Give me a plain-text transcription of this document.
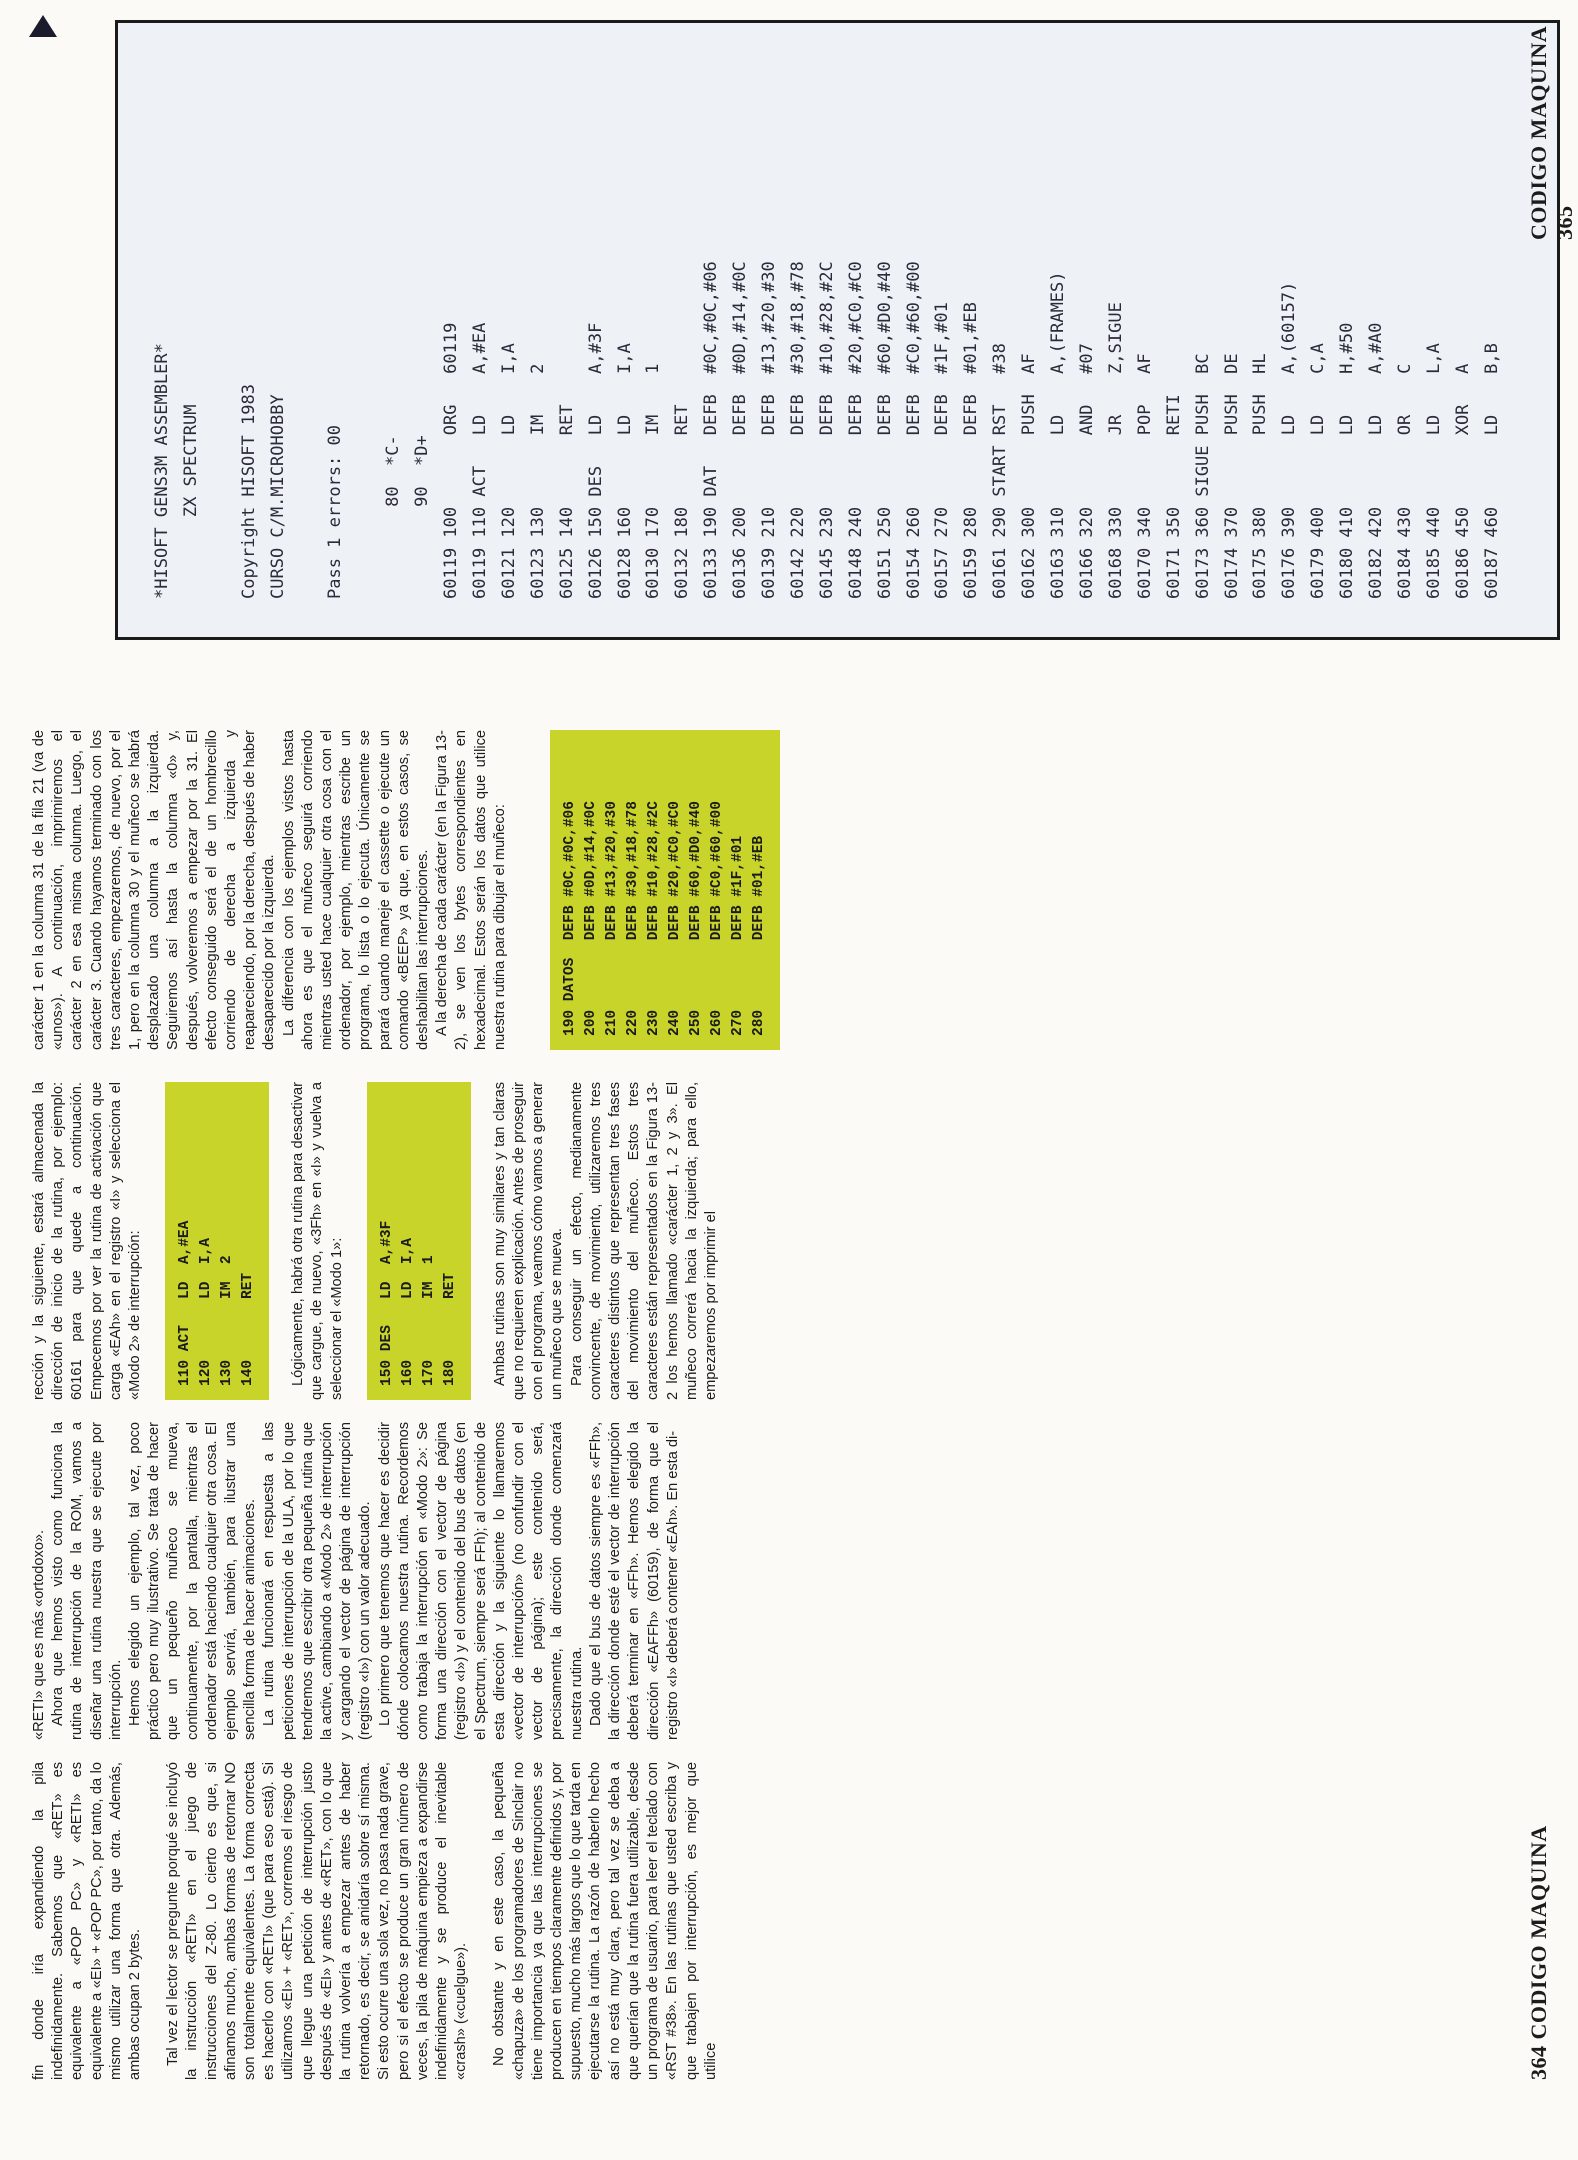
fin donde iría expandiendo la pila indefinidamente. Sabemos que «RET» es equivalente a «POP PC» y «RETI» es equivalente a «EI» + «POP PC», por tanto, da lo mismo utilizar una forma que otra. Además, ambas ocupan 2 bytes. Tal vez el lector se pregunte porqué se incluyó la instrucción «RETI» en el juego de instrucciones del Z-80. Lo cierto es que, si afinamos mucho, ambas formas de retornar NO son totalmente equivalentes. La forma correcta es hacerlo con «RETI» (que para eso está). Si utilizamos «EI» + «RET», corremos el riesgo de que llegue una petición de interrupción justo después de «EI» y antes de «RET», con lo que la rutina volvería a empezar antes de haber retornado, es decir, se anidaría sobre sí misma. Si esto ocurre una sola vez, no pasa nada grave, pero si el efecto se produce un gran número de veces, la pila de máquina empieza a expandirse indefinidamente y se produce el inevitable «crash» («cuelgue»). No obstante y en este caso, la pequeña «chapuza» de los programadores de Sinclair no tiene importancia ya que las interrupciones se producen en tiempos claramente definidos y, por supuesto, mucho más largos que lo que tarda en ejecutarse la rutina. La razón de haberlo hecho así no está muy clara, pero tal vez se deba a que querían que la rutina fuera utilizable, desde un programa de usuario, para leer el teclado con «RST #38». En las rutinas que usted escriba y que trabajen por interrupción, es mejor que utilice

«RETI» que es más «ortodoxo». Ahora que hemos visto como funciona la rutina de interrupción de la ROM, vamos a diseñar una rutina nuestra que se ejecute por interrupción. Hemos elegido un ejemplo, tal vez, poco práctico pero muy ilustrativo. Se trata de hacer que un pequeño muñeco se mueva, continuamente, por la pantalla, mientras el ordenador está haciendo cualquier otra cosa. El ejemplo servirá, también, para ilustrar una sencilla forma de hacer animaciones. La rutina funcionará en respuesta a las peticiones de interrupción de la ULA, por lo que tendremos que escribir otra pequeña rutina que la active, cambiando a «Modo 2» de interrupción y cargando el vector de página de interrupción (registro «I») con un valor adecuado. Lo primero que tenemos que hacer es decidir dónde colocamos nuestra rutina. Recordemos como trabaja la interrupción en «Modo 2»: Se forma una dirección con el vector de página (registro «I») y el contenido del bus de datos (en el Spectrum, siempre será FFh); al contenido de esta dirección y la siguiente lo llamaremos «vector de interrupción» (no confundir con el vector de página); este contenido será, precisamente, la dirección donde comenzará nuestra rutina. Dado que el bus de datos siempre es «FFh», la dirección donde esté el vector de interrupción deberá terminar en «FFh». Hemos elegido la dirección «EAFFh» (60159), de forma que el registro «I» deberá contener «EAh». En esta di-

rección y la siguiente, estará almacenada la dirección de inicio de la rutina, por ejemplo: 60161 para que quede a continuación. Empecemos por ver la rutina de activación que carga «EAh» en el registro «I» y selecciona el «Modo 2» de interrupción: 110 ACT   LD  A,#EA 120       LD  I,A 130       IM  2 140       RET Lógicamente, habrá otra rutina para desactivar que cargue, de nuevo, «3Fh» en «I» y vuelva a seleccionar el «Modo 1»: 150 DES   LD  A,#3F 160       LD  I,A 170       IM  1 180       RET Ambas rutinas son muy similares y tan claras que no requieren explicación. Antes de proseguir con el programa, veamos cómo vamos a generar un muñeco que se mueva. Para conseguir un efecto, medianamente convincente, de movimiento, utilizaremos tres caracteres distintos que representan tres fases del movimiento del muñeco. Estos tres caracteres están representados en la Figura 13-2 los hemos llamado «carácter 1, 2 y 3». El muñeco correrá hacia la izquierda; para ello, empezaremos por imprimir el

364 CODIGO MAQUINA

carácter 1 en la columna 31 de la fila 21 (va de «unos»). A continuación, imprimiremos el carácter 2 en esa misma columna. Luego, el carácter 3. Cuando hayamos terminado con los tres caracteres, empezaremos, de nuevo, por el 1, pero en la columna 30 y el muñeco se habrá desplazado una columna a la izquierda. Seguiremos así hasta la columna «0» y, después, volveremos a empezar por la 31. El efecto conseguido será el de un hombrecillo corriendo de derecha a izquierda y reapareciendo, por la derecha, después de haber desaparecido por la izquierda. La diferencia con los ejemplos vistos hasta ahora es que el muñeco seguirá corriendo mientras usted hace cualquier otra cosa con el ordenador, por ejemplo, mientras escribe un programa, lo lista o lo ejecuta. Únicamente se parará cuando maneje el cassette o ejecute un comando «BEEP» ya que, en estos casos, se deshabilitan las interrupciones. A la derecha de cada carácter (en la Figura 13-2), se ven los bytes correspondientes en hexadecimal. Estos serán los datos que utilice nuestra rutina para dibujar el muñeco:	190 DATOS  DEFB #0C,#0C,#06 200        DEFB #0D,#14,#0C 210        DEFB #13,#20,#30 220        DEFB #30,#18,#78 230        DEFB #10,#28,#2C 240        DEFB #20,#C0,#C0 250        DEFB #60,#D0,#40 260        DEFB #C0,#60,#00 270        DEFB #1F,#01 280        DEFB #01,#EB
*HISOFT GENS3M ASSEMBLER* ZX SPECTRUM
Copyright HISOFT 1983 CURSO C/M.MICROHOBBY
Pass 1 errors: 00
80  *C- 90  *D+ 60119 100       ORG   60119 60119 110 ACT   LD    A,#EA 60121 120       LD    I,A 60123 130       IM    2 60125 140       RET 60126 150 DES   LD    A,#3F 60128 160       LD    I,A 60130 170       IM    1 60132 180       RET 60133 190 DAT   DEFB  #0C,#0C,#06 60136 200       DEFB  #0D,#14,#0C 60139 210       DEFB  #13,#20,#30 60142 220       DEFB  #30,#18,#78 60145 230       DEFB  #10,#28,#2C 60148 240       DEFB  #20,#C0,#C0 60151 250       DEFB  #60,#D0,#40 60154 260       DEFB  #C0,#60,#00 60157 270       DEFB  #1F,#01 60159 280       DEFB  #01,#EB 60161 290 START RST   #38 60162 300       PUSH  AF 60163 310       LD    A,(FRAMES) 60166 320       AND   #07 60168 330       JR    Z,SIGUE 60170 340       POP   AF 60171 350       RETI 60173 360 SIGUE PUSH  BC 60174 370       PUSH  DE 60175 380       PUSH  HL 60176 390       LD    A,(60157) 60179 400       LD    C,A 60180 410       LD    H,#50 60182 420       LD    A,#A0 60184 430       OR    C 60185 440       LD    L,A 60186 450       XOR   A 60187 460       LD    B,B
CODIGO MAQUINA 365
